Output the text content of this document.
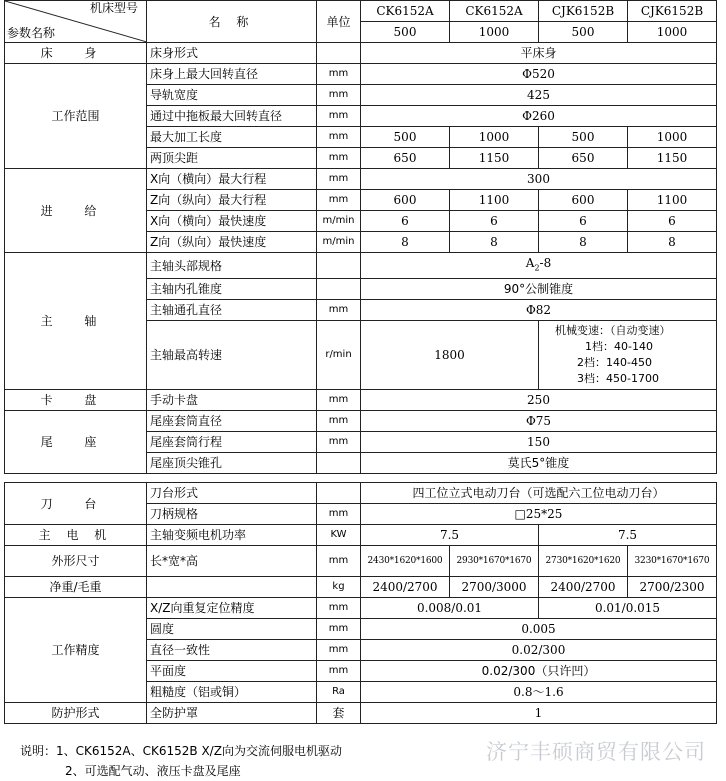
机床型号
参数名称	名 称	单位	CK6152A	CK6152A	CJK6152B	CJK6152B
			500	1000	500	1000
床 身	床身形式		平床身			
工作范围	床身上最大回转直径	mm	Φ520			
	导轨宽度	mm	425			
	通过中拖板最大回转直径	mm	Φ260			
	最大加工长度	mm	500	1000	500	1000
	两顶尖距	mm	650	1150	650	1150
进 给	X向（横向）最大行程	mm	300			
	Z向（纵向）最大行程	mm	600	1100	600	1100
	X向（横向）最快速度	m/min	6	6	6	6
	Z向（纵向）最快速度	m/min	8	8	8	8
主 轴	主轴头部规格		$A_2-8$			
	主轴内孔锥度		90°公制锥度			
	主轴通孔直径	mm	Φ82			
	主轴最高转速	r/min	1800		机械变速：（自动变速）
1档：40-140
2档：140-450
3档：450-1700	

卡 盘	手动卡盘	mm	250			
尾 座	尾座套筒直径	mm	Φ75			
	尾座套筒行程	mm	150			
	尾座顶尖锥孔		莫氏5°锥度			

刀 台	刀台形式		四工位立式电动刀台（可选配六工位电动刀台）			
	刀柄规格	mm	□25*25			
主 电 机	主轴变频电机功率	KW	7.5		7.5	
外形尺寸	长*宽*高	mm	2430*1620*1600	2930*1670*1670	2730*1620*1620	3230*1670*1670
净重/毛重		kg	2400/2700	2700/3000	2400/2700	2700/2300
工作精度	X/Z向重复定位精度	mm	0.008/0.01		0.01/0.015	
	圆度	mm	0.005			
	直径一致性	mm	0.02/300			
	平面度	mm	0.02/300（只许凹）			
	粗糙度（铝或铜）	Ra	0.8～1.6			
防护形式	全防护罩	套	1			
说明：1、CK6152A、CK6152B X/Z向为交流伺服电机驱动
2、可选配气动、液压卡盘及尾座
济宁丰硕商贸有限公司
